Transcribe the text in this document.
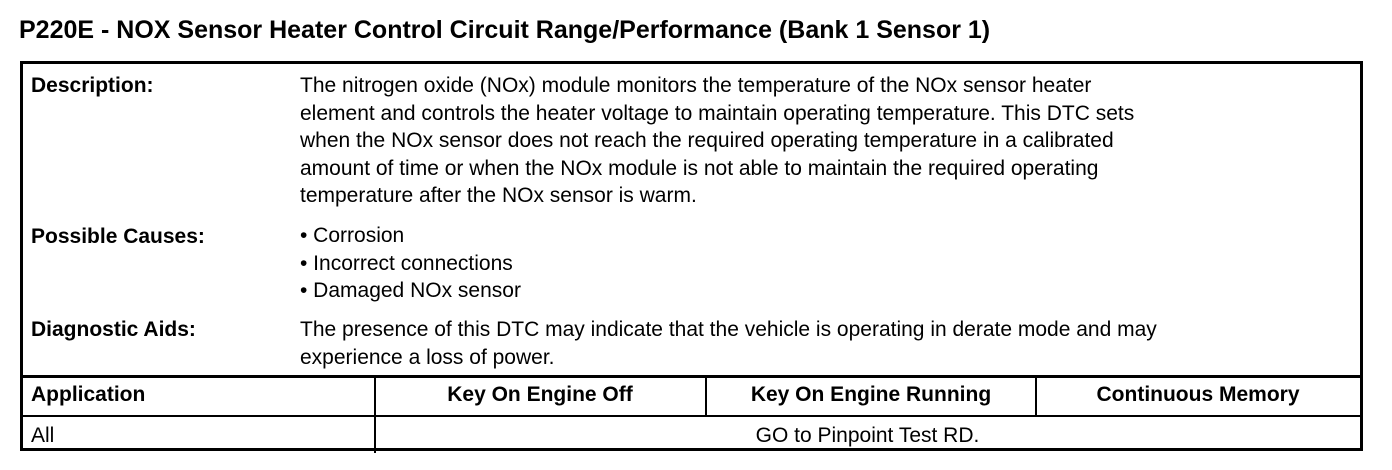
P220E - NOX Sensor Heater Control Circuit Range/Performance (Bank 1 Sensor 1)
Description:	The nitrogen oxide (NOx) module monitors the temperature of the NOx sensor heater
element and controls the heater voltage to maintain operating temperature. This DTC sets
when the NOx sensor does not reach the required operating temperature in a calibrated
amount of time or when the NOx module is not able to maintain the required operating
temperature after the NOx sensor is warm.
Possible Causes:	• Corrosion
• Incorrect connections
• Damaged NOx sensor
Diagnostic Aids:	The presence of this DTC may indicate that the vehicle is operating in derate mode and may
experience a loss of power.
Application	Key On Engine Off	Key On Engine Running	Continuous Memory
All	GO to Pinpoint Test RD.
